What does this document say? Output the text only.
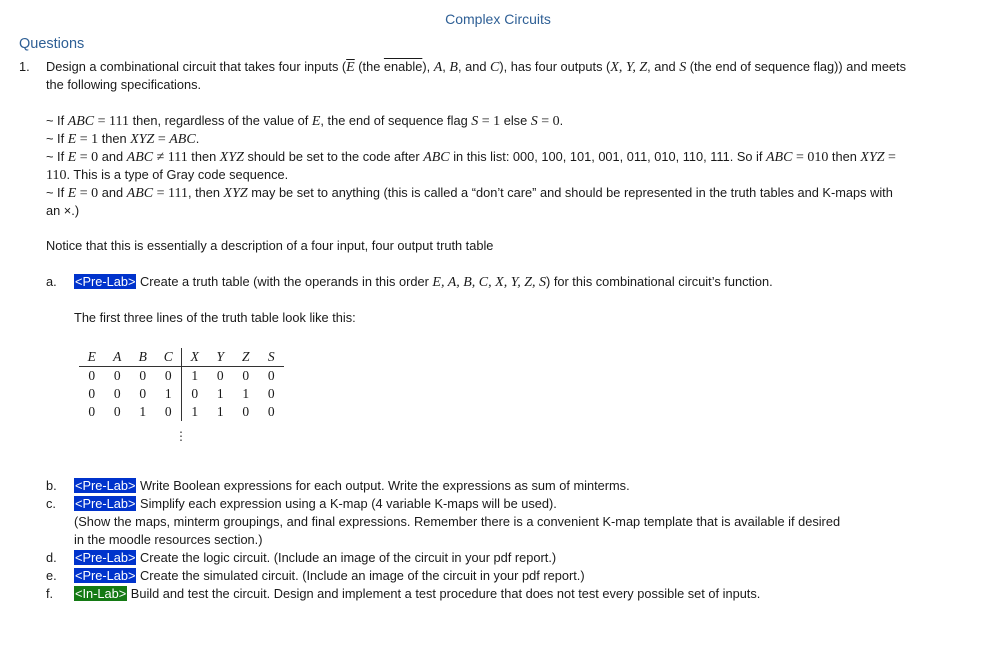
Complex Circuits
Questions
1. Design a combinational circuit that takes four inputs ($\overline{E}$ (the enable), A, B, and C), has four outputs (X, Y, Z, and S (the end of sequence flag)) and meets
the following specifications.
~ If ABC = 111 then, regardless of the value of E, the end of sequence flag S = 1 else S = 0.
~ If E = 1 then XYZ = ABC.
~ If E = 0 and ABC ≠ 111 then XYZ should be set to the code after ABC in this list: 000, 100, 101, 001, 011, 010, 110, 111. So if ABC = 010 then XYZ =
110. This is a type of Gray code sequence.
~ If E = 0 and ABC = 111, then XYZ may be set to anything (this is called a “don’t care” and should be represented in the truth tables and K-maps with
an ×.)
Notice that this is essentially a description of a four input, four output truth table
a. <Pre-Lab> Create a truth table (with the operands in this order E, A, B, C, X, Y, Z, S) for this combinational circuit’s function.
The first three lines of the truth table look like this:
E	A	B	C	X	Y	Z	S
0	0	0	0	1	0	0	0
0	0	0	1	0	1	1	0
0	0	1	0	1	1	0	0
⋮
b. <Pre-Lab> Write Boolean expressions for each output. Write the expressions as sum of minterms.
c. <Pre-Lab> Simplify each expression using a K-map (4 variable K-maps will be used).
(Show the maps, minterm groupings, and final expressions. Remember there is a convenient K-map template that is available if desired
in the moodle resources section.)
d. <Pre-Lab> Create the logic circuit. (Include an image of the circuit in your pdf report.)
e. <Pre-Lab> Create the simulated circuit. (Include an image of the circuit in your pdf report.)
f. <In-Lab> Build and test the circuit. Design and implement a test procedure that does not test every possible set of inputs.
